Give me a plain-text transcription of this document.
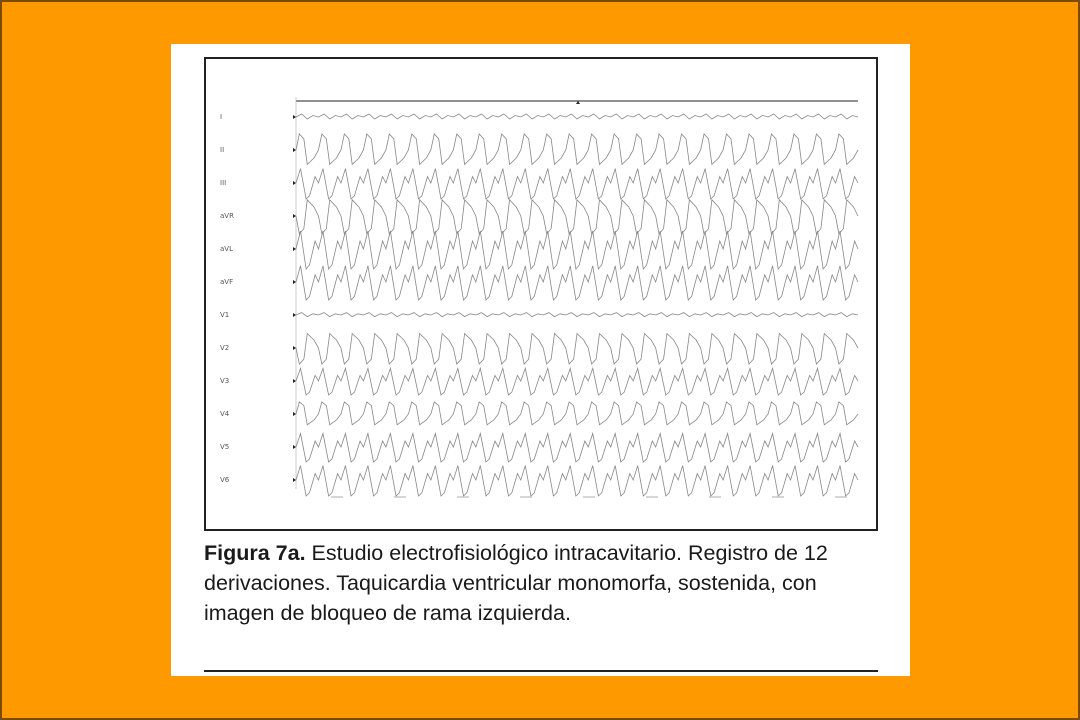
I
II
III
aVR
aVL
aVF
V1
V2
V3
V4
V5
V6

Figura 7a. Estudio electrofisiológico intracavitario. Registro de 12 derivaciones. Taquicardia ventricular monomorfa, sostenida, con imagen de bloqueo de rama izquierda.
